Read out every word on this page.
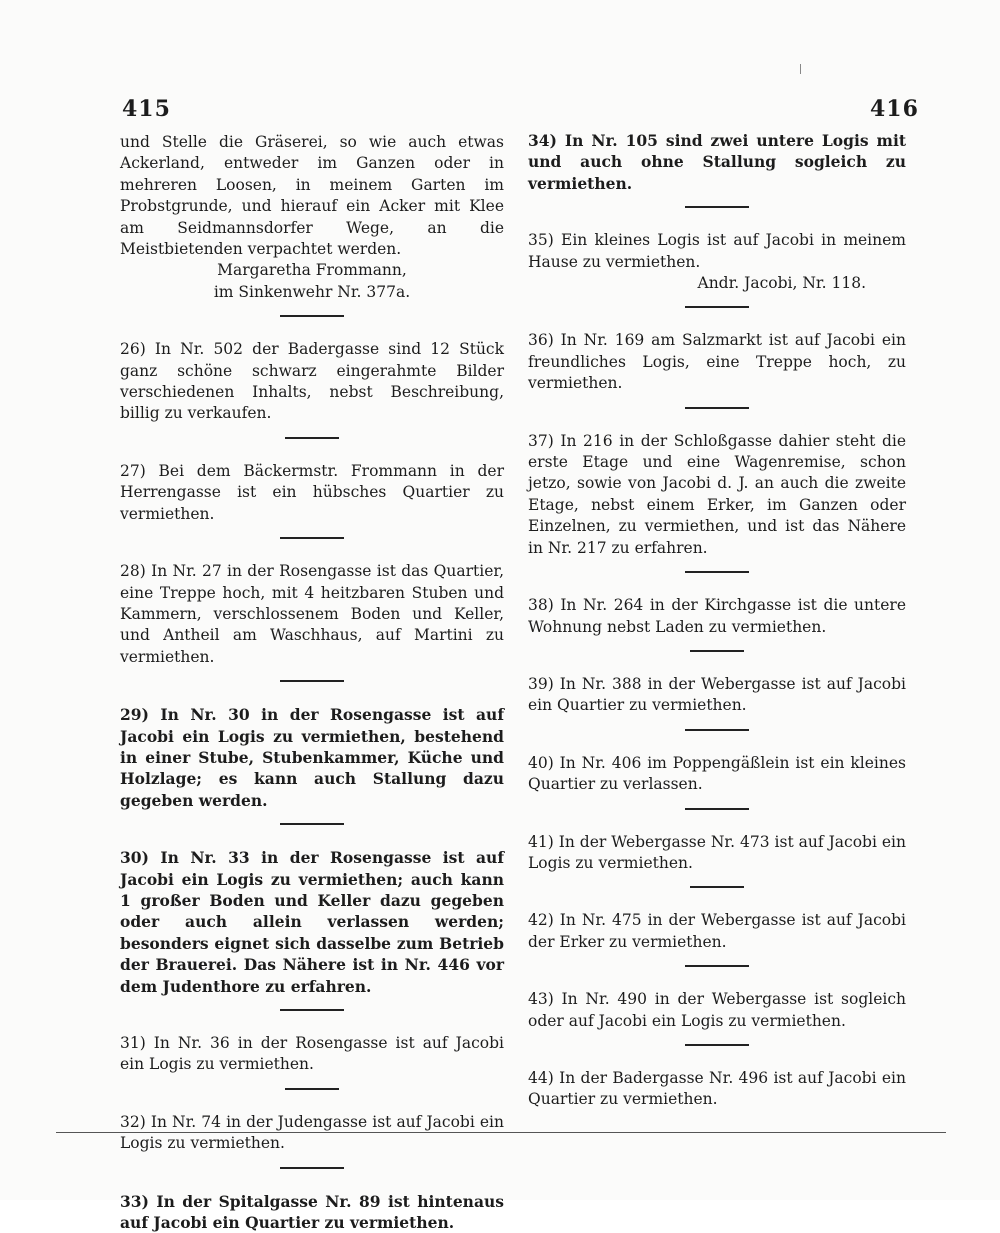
415	416

und Stelle die Gräserei, so wie auch etwas Ackerland, entweder im Ganzen oder in mehreren Loosen, in meinem Garten im Probstgrunde, und hierauf ein Acker mit Klee am Seidmannsdorfer Wege, an die Meistbietenden verpachtet werden.

Margaretha Frommann,

im Sinkenwehr Nr. 377a.

26) In Nr. 502 der Badergasse sind 12 Stück ganz schöne schwarz eingerahmte Bilder verschiedenen Inhalts, nebst Beschreibung, billig zu verkaufen.

27) Bei dem Bäckermstr. Frommann in der Herrengasse ist ein hübsches Quartier zu vermiethen.

28) In Nr. 27 in der Rosengasse ist das Quartier, eine Treppe hoch, mit 4 heitzbaren Stuben und Kammern, verschlossenem Boden und Keller, und Antheil am Waschhaus, auf Martini zu vermiethen.

29) In Nr. 30 in der Rosengasse ist auf Jacobi ein Logis zu vermiethen, bestehend in einer Stube, Stubenkammer, Küche und Holzlage; es kann auch Stallung dazu gegeben werden.

30) In Nr. 33 in der Rosengasse ist auf Jacobi ein Logis zu vermiethen; auch kann 1 großer Boden und Keller dazu gegeben oder auch allein verlassen werden; besonders eignet sich dasselbe zum Betrieb der Brauerei. Das Nähere ist in Nr. 446 vor dem Judenthore zu erfahren.

31) In Nr. 36 in der Rosengasse ist auf Jacobi ein Logis zu vermiethen.

32) In Nr. 74 in der Judengasse ist auf Jacobi ein Logis zu vermiethen.

33) In der Spitalgasse Nr. 89 ist hintenaus auf Jacobi ein Quartier zu vermiethen.

34) In Nr. 105 sind zwei untere Logis mit und auch ohne Stallung sogleich zu vermiethen.

35) Ein kleines Logis ist auf Jacobi in meinem Hause zu vermiethen.

Andr. Jacobi, Nr. 118.

36) In Nr. 169 am Salzmarkt ist auf Jacobi ein freundliches Logis, eine Treppe hoch, zu vermiethen.

37) In 216 in der Schloßgasse dahier steht die erste Etage und eine Wagenremise, schon jetzo, sowie von Jacobi d. J. an auch die zweite Etage, nebst einem Erker, im Ganzen oder Einzelnen, zu vermiethen, und ist das Nähere in Nr. 217 zu erfahren.

38) In Nr. 264 in der Kirchgasse ist die untere Wohnung nebst Laden zu vermiethen.

39) In Nr. 388 in der Webergasse ist auf Jacobi ein Quartier zu vermiethen.

40) In Nr. 406 im Poppengäßlein ist ein kleines Quartier zu verlassen.

41) In der Webergasse Nr. 473 ist auf Jacobi ein Logis zu vermiethen.

42) In Nr. 475 in der Webergasse ist auf Jacobi der Erker zu vermiethen.

43) In Nr. 490 in der Webergasse ist sogleich oder auf Jacobi ein Logis zu vermiethen.

44) In der Badergasse Nr. 496 ist auf Jacobi ein Quartier zu vermiethen.
